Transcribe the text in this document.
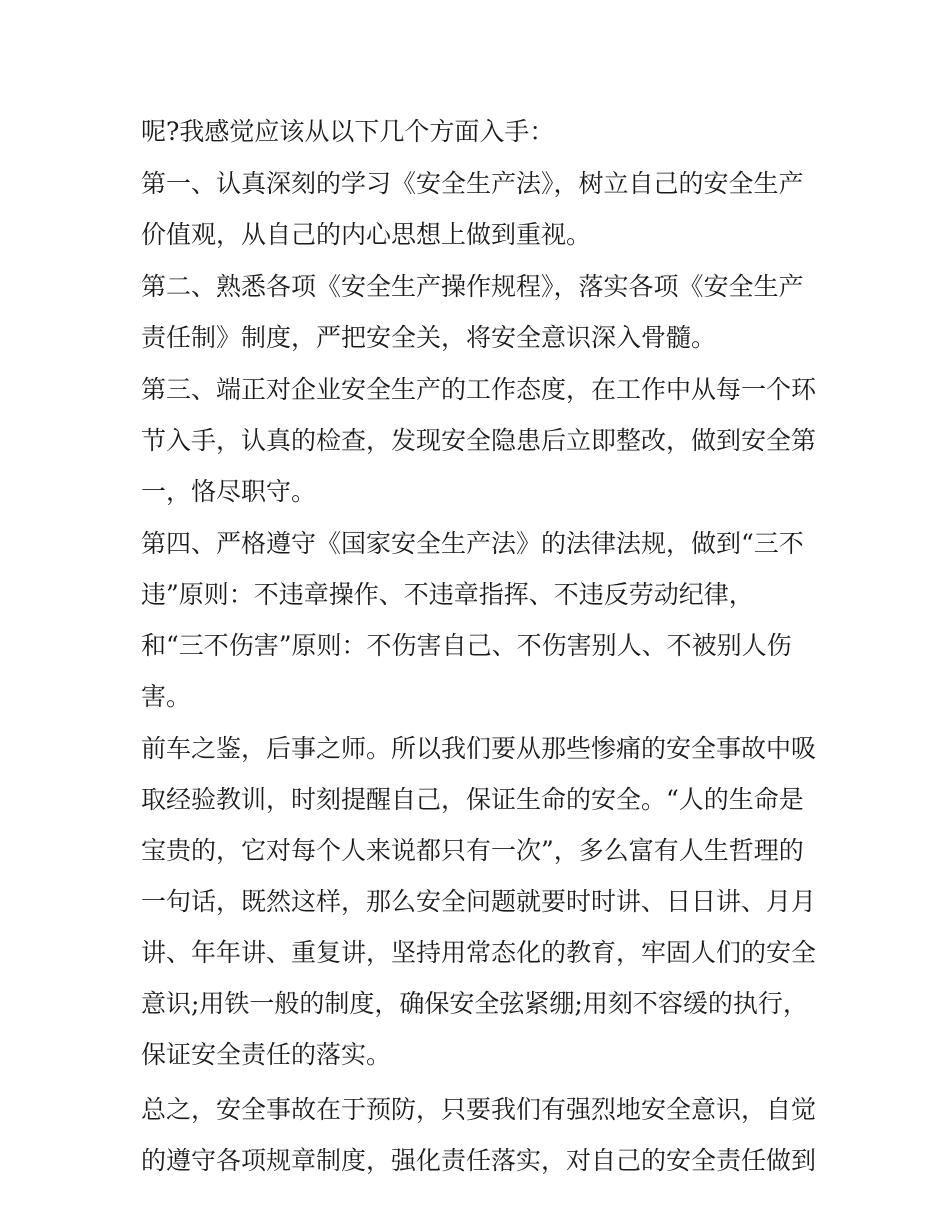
呢?我感觉应该从以下几个方面入手：

第一、认真深刻的学习《安全生产法》，树立自己的安全生产价值观，从自己的内心思想上做到重视。

第二、熟悉各项《安全生产操作规程》，落实各项《安全生产责任制》制度，严把安全关，将安全意识深入骨髓。

第三、端正对企业安全生产的工作态度，在工作中从每一个环节入手，认真的检查，发现安全隐患后立即整改，做到安全第一，恪尽职守。

第四、严格遵守《国家安全生产法》的法律法规，做到“三不违”原则：不违章操作、不违章指挥、不违反劳动纪律，和“三不伤害”原则：不伤害自己、不伤害别人、不被别人伤害。

前车之鉴，后事之师。所以我们要从那些惨痛的安全事故中吸取经验教训，时刻提醒自己，保证生命的安全。“人的生命是宝贵的，它对每个人来说都只有一次”，多么富有人生哲理的一句话，既然这样，那么安全问题就要时时讲、日日讲、月月讲、年年讲、重复讲，坚持用常态化的教育，牢固人们的安全意识;用铁一般的制度，确保安全弦紧绷;用刻不容缓的执行，保证安全责任的落实。

总之，安全事故在于预防，只要我们有强烈地安全意识，自觉的遵守各项规章制度，强化责任落实，对自己的安全责任做到
